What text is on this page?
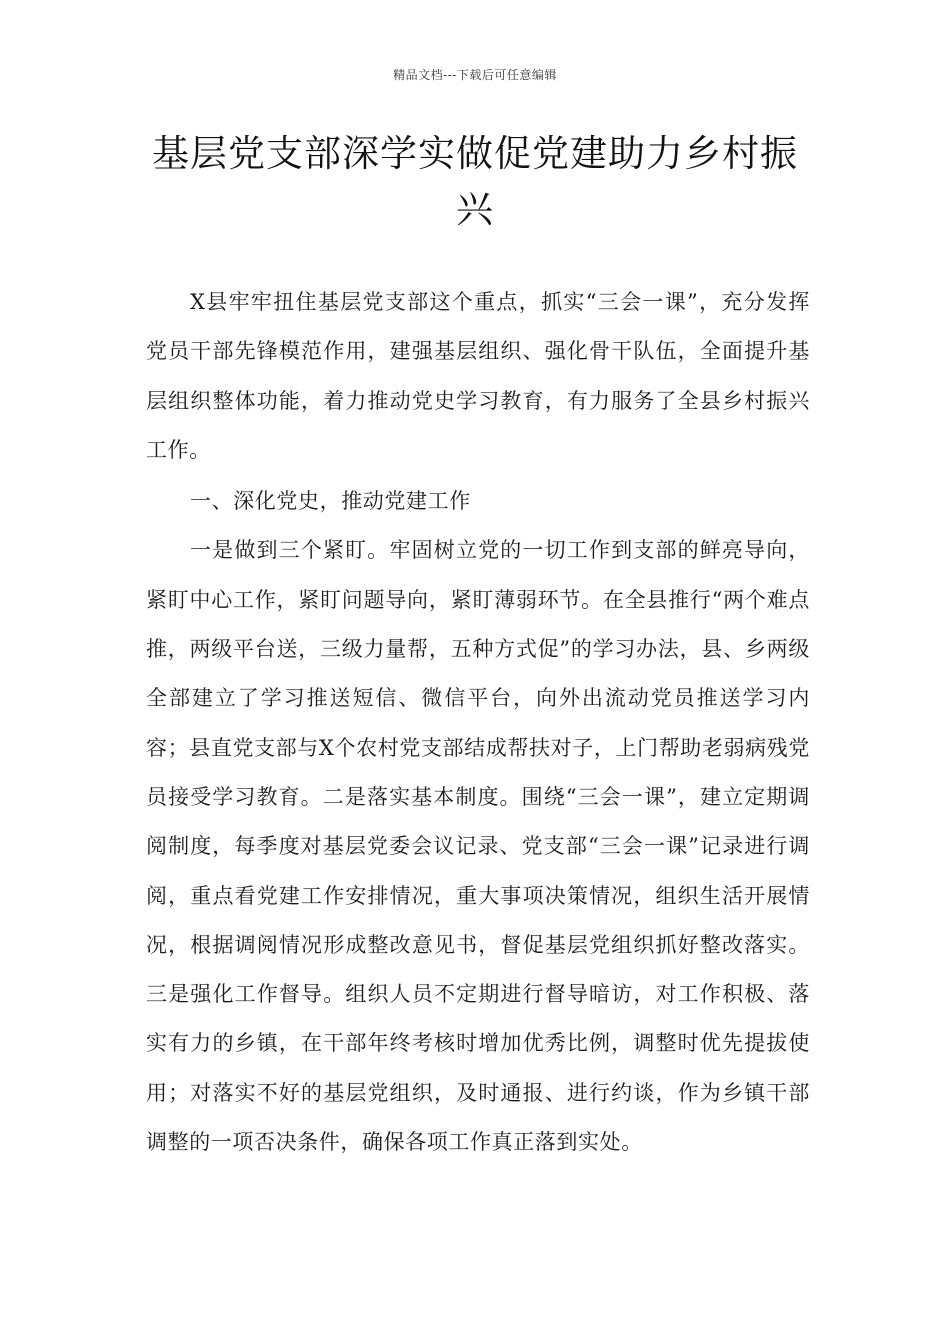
精品文档---下载后可任意编辑
基层党支部深学实做促党建助力乡村振兴

X县牢牢扭住基层党支部这个重点，抓实“三会一课”，充分发挥党员干部先锋模范作用，建强基层组织、强化骨干队伍，全面提升基层组织整体功能，着力推动党史学习教育，有力服务了全县乡村振兴工作。

一、深化党史，推动党建工作

一是做到三个紧盯。牢固树立党的一切工作到支部的鲜亮导向，紧盯中心工作，紧盯问题导向，紧盯薄弱环节。在全县推行“两个难点推，两级平台送，三级力量帮，五种方式促”的学习办法，县、乡两级全部建立了学习推送短信、微信平台，向外出流动党员推送学习内容；县直党支部与X个农村党支部结成帮扶对子，上门帮助老弱病残党员接受学习教育。二是落实基本制度。围绕“三会一课”，建立定期调阅制度，每季度对基层党委会议记录、党支部“三会一课”记录进行调阅，重点看党建工作安排情况，重大事项决策情况，组织生活开展情况，根据调阅情况形成整改意见书，督促基层党组织抓好整改落实。三是强化工作督导。组织人员不定期进行督导暗访，对工作积极、落实有力的乡镇，在干部年终考核时增加优秀比例，调整时优先提拔使用；对落实不好的基层党组织，及时通报、进行约谈，作为乡镇干部调整的一项否决条件，确保各项工作真正落到实处。
